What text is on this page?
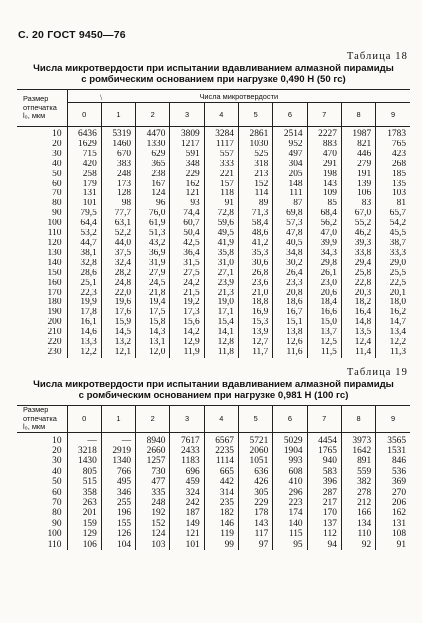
С. 20 ГОСТ 9450—76
\
Таблица 18
Числа микротвердости при испытании вдавливанием алмазной пирамиды
с ромбическим основанием при нагрузке 0,490 Н (50 гс)
Размер
отпечатка
l₀, мкм	Числа микротвердости									
	0	1	2	3	4	5	6	7	8	9
10	6436	5319	4470	3809	3284	2861	2514	2227	1987	1783
20	1629	1460	1330	1217	1117	1030	952	883	821	765
30	715	670	629	591	557	525	497	470	446	423
40	420	383	365	348	333	318	304	291	279	268
50	258	248	238	229	221	213	205	198	191	185
60	179	173	167	162	157	152	148	143	139	135
70	131	128	124	121	118	114	111	109	106	103
80	101	98	96	93	91	89	87	85	83	81
90	79,5	77,7	76,0	74,4	72,8	71,3	69,8	68,4	67,0	65,7
100	64,4	63,1	61,9	60,7	59,6	58,4	57,3	56,2	55,2	54,2
110	53,2	52,2	51,3	50,4	49,5	48,6	47,8	47,0	46,2	45,5
120	44,7	44,0	43,2	42,5	41,9	41,2	40,5	39,9	39,3	38,7
130	38,1	37,5	36,9	36,4	35,8	35,3	34,8	34,3	33,8	33,3
140	32,8	32,4	31,9	31,5	31,0	30,6	30,2	29,8	29,4	29,0
150	28,6	28,2	27,9	27,5	27,1	26,8	26,4	26,1	25,8	25,5
160	25,1	24,8	24,5	24,2	23,9	23,6	23,3	23,0	22,8	22,5
170	22,3	22,0	21,8	21,5	21,3	21,0	20,8	20,6	20,3	20,1
180	19,9	19,6	19,4	19,2	19,0	18,8	18,6	18,4	18,2	18,0
190	17,8	17,6	17,5	17,3	17,1	16,9	16,7	16,6	16,4	16,2
200	16,1	15,9	15,8	15,6	15,4	15,3	15,1	15,0	14,8	14,7
210	14,6	14,5	14,3	14,2	14,1	13,9	13,8	13,7	13,5	13,4
220	13,3	13,2	13,1	12,9	12,8	12,7	12,6	12,5	12,4	12,2
230	12,2	12,1	12,0	11,9	11,8	11,7	11,6	11,5	11,4	11,3
Таблица 19
Числа микротвердости при испытании вдавливанием алмазной пирамиды
с ромбическим основанием при нагрузке 0,981 Н (100 гс)
Размер
отпечатка
l₀, мкм	0	1	2	3	4	5	6	7	8	9
10	—	—	8940	7617	6567	5721	5029	4454	3973	3565
20	3218	2919	2660	2433	2235	2060	1904	1765	1642	1531
30	1430	1340	1257	1183	1114	1051	993	940	891	846
40	805	766	730	696	665	636	608	583	559	536
50	515	495	477	459	442	426	410	396	382	369
60	358	346	335	324	314	305	296	287	278	270
70	263	255	248	242	235	229	223	217	212	206
80	201	196	192	187	182	178	174	170	166	162
90	159	155	152	149	146	143	140	137	134	131
100	129	126	124	121	119	117	115	112	110	108
110	106	104	103	101	99	97	95	94	92	91
